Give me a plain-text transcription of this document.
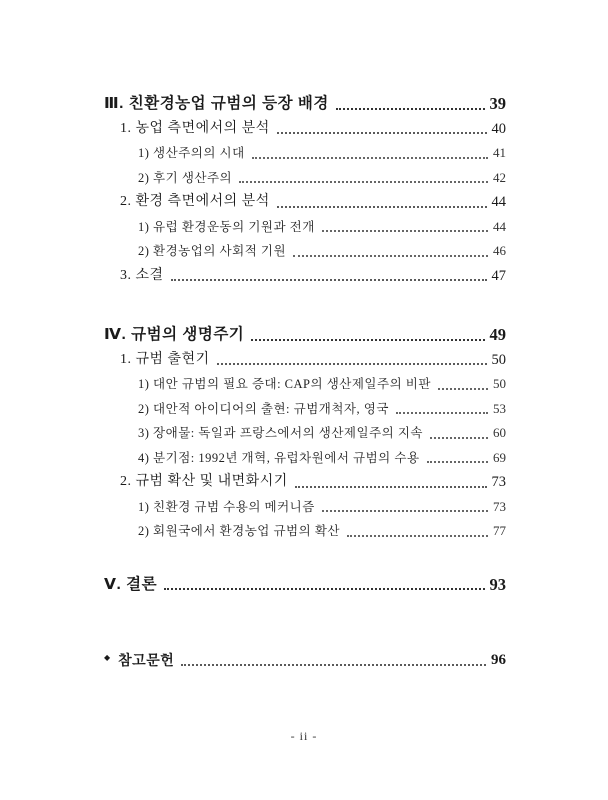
Ⅲ. 친환경농업 규범의 등장 배경	39
1. 농업 측면에서의 분석	40
1) 생산주의의 시대	41
2) 후기 생산주의	42
2. 환경 측면에서의 분석	44
1) 유럽 환경운동의 기원과 전개	44
2) 환경농업의 사회적 기원	46
3. 소결	47
Ⅳ. 규범의 생명주기	49
1. 규범 출현기	50
1) 대안 규범의 필요 증대: CAP의 생산제일주의 비판	50
2) 대안적 아이디어의 출현: 규범개척자, 영국	53
3) 장애물: 독일과 프랑스에서의 생산제일주의 지속	60
4) 분기점: 1992년 개혁, 유럽차원에서 규범의 수용	69
2. 규범 확산 및 내면화시기	73
1) 친환경 규범 수용의 메커니즘	73
2) 회원국에서 환경농업 규범의 확산	77
Ⅴ. 결론	93
◆ 참고문헌	96
- ii -
